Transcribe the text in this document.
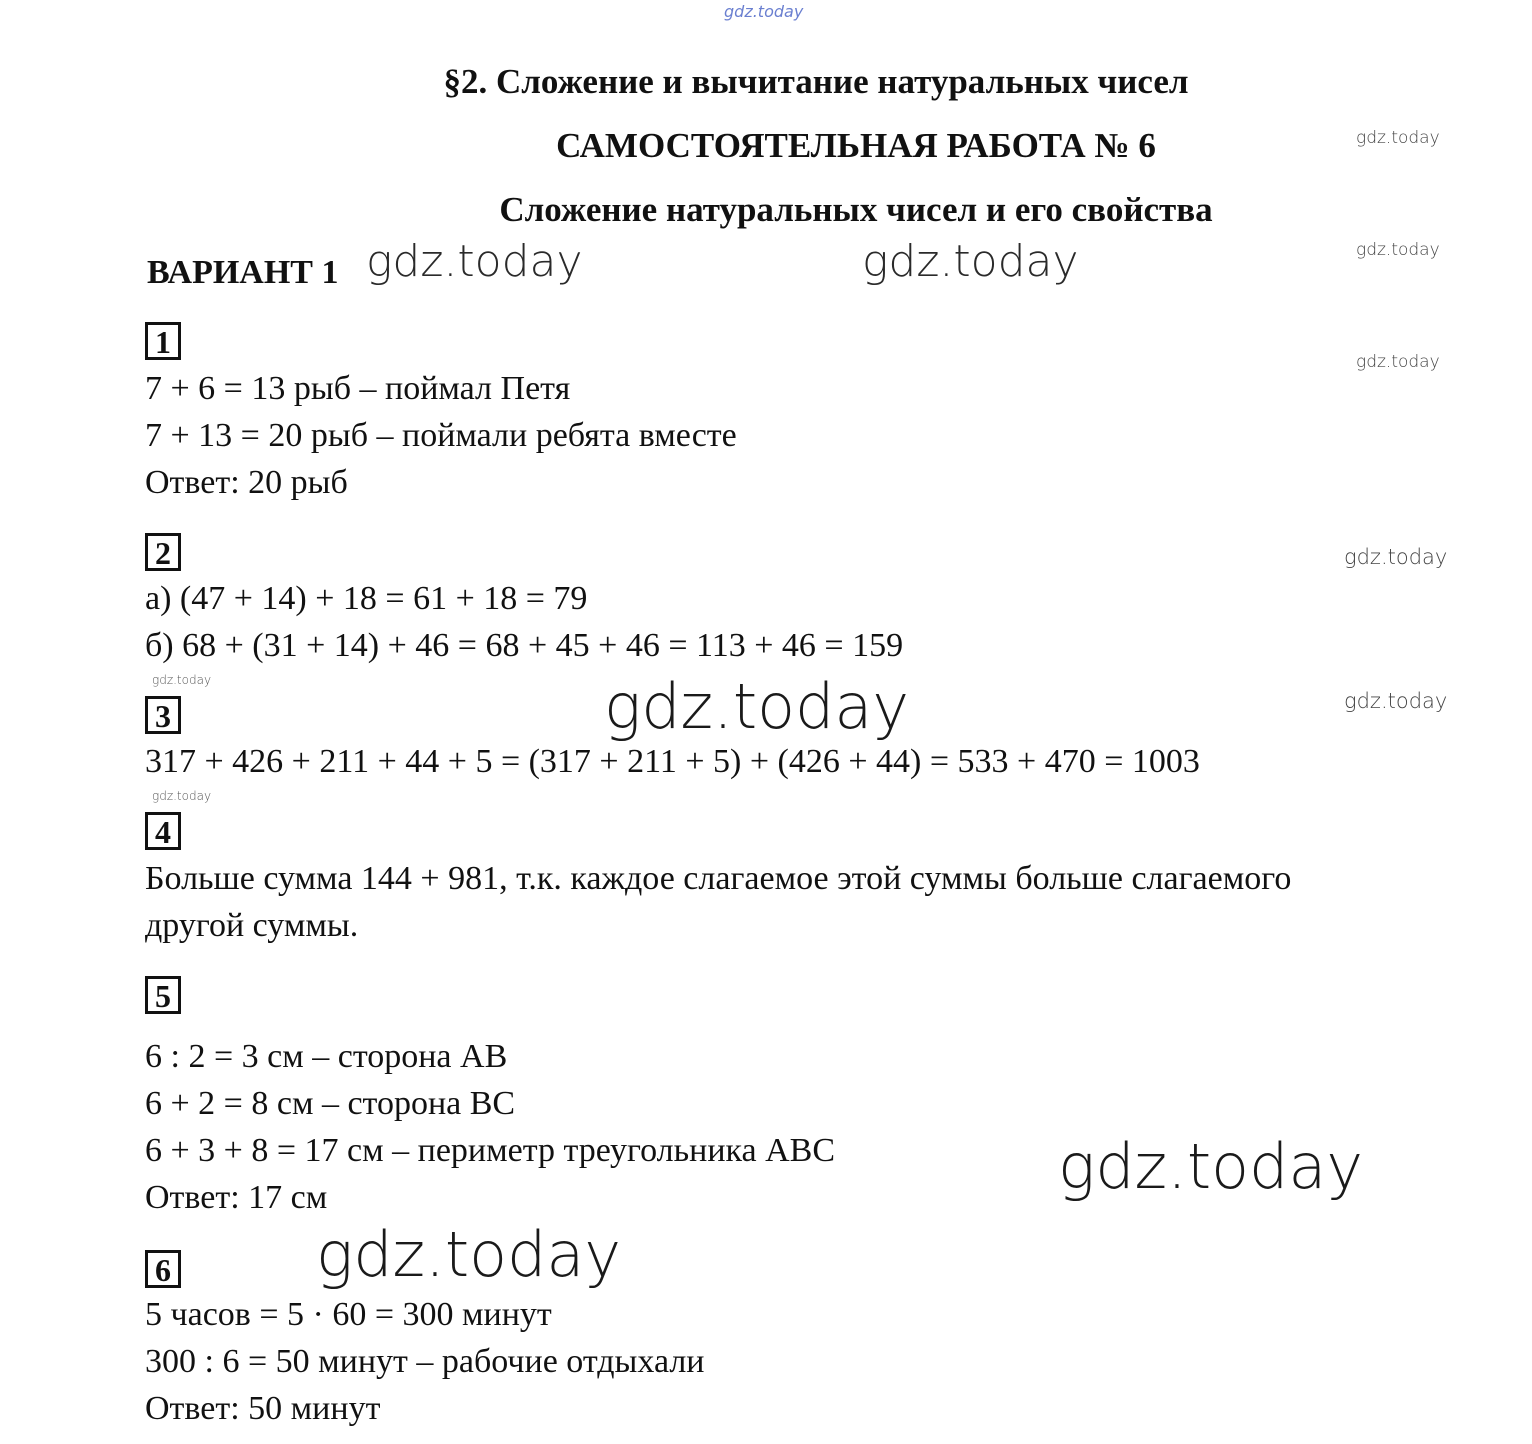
gdz.today
gdz.today
gdz.today
gdz.today
gdz.today
gdz.today
gdz.today	gdz.today
gdz.today
gdz.today
gdz.today
gdz.today
gdz.today
§2. Сложение и вычитание натуральных чисел
САМОСТОЯТЕЛЬНАЯ РАБОТА № 6
Сложение натуральных чисел и его свойства
ВАРИАНТ 1
1
7 + 6 = 13 рыб – поймал Петя
7 + 13 = 20 рыб – поймали ребята вместе
Ответ: 20 рыб
2
а) (47 + 14) + 18 = 61 + 18 = 79
б) 68 + (31 + 14) + 46 = 68 + 45 + 46 = 113 + 46 = 159
3
317 + 426 + 211 + 44 + 5 = (317 + 211 + 5) + (426 + 44) = 533 + 470 = 1003
4
Больше сумма 144 + 981, т.к. каждое слагаемое этой суммы больше слагаемого
другой суммы.
5
6 : 2 = 3 см – сторона АВ
6 + 2 = 8 см – сторона ВС
6 + 3 + 8 = 17 см – периметр треугольника АВС
Ответ: 17 см
6
5 часов = 5 · 60 = 300 минут
300 : 6 = 50 минут – рабочие отдыхали
Ответ: 50 минут
